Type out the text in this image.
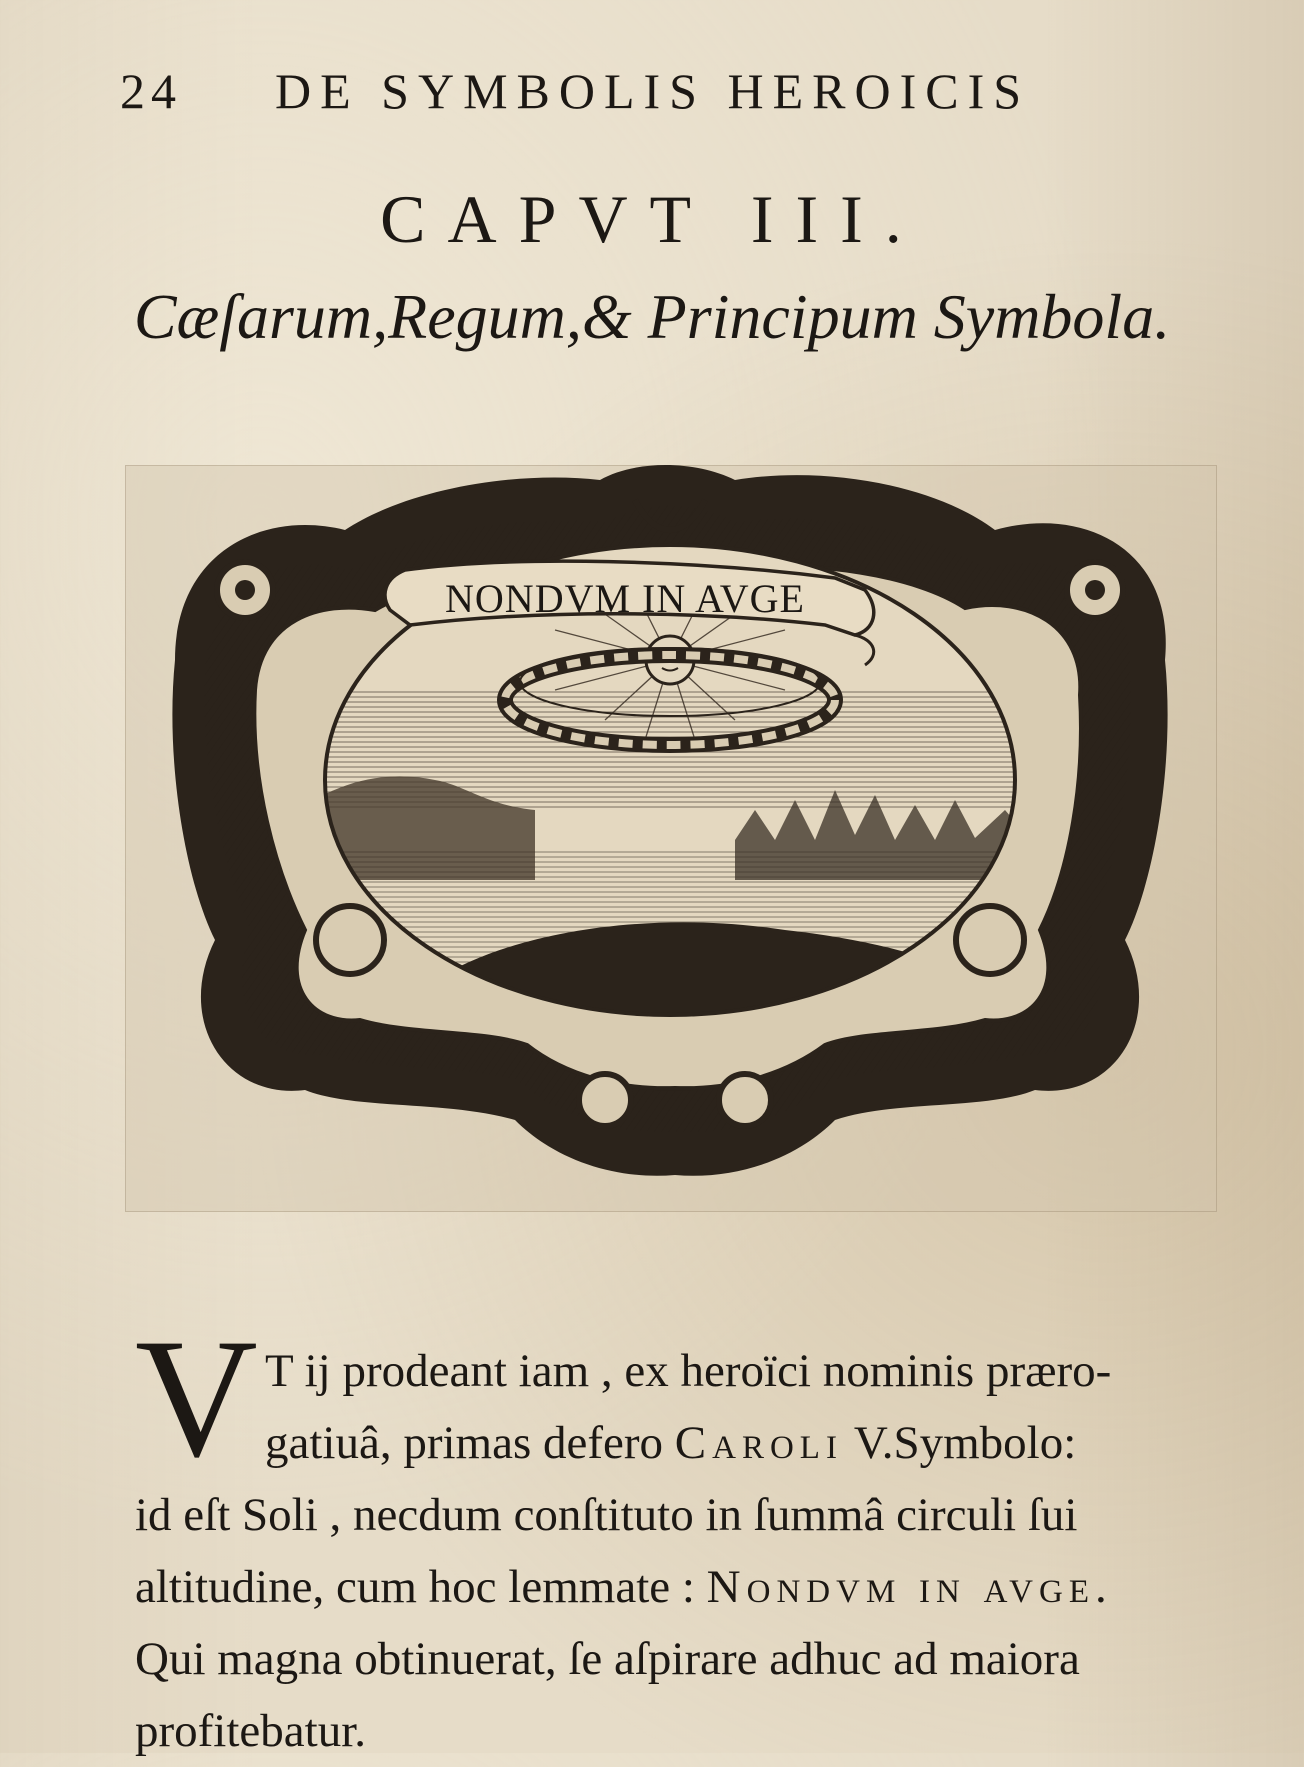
24 DE SYMBOLIS HEROICIS
CAPVT III.
Cæſarum,Regum,& Principum Symbola.
NONDVM IN AVGE
V T ij prodeant iam , ex heroïci nominis præro-
gatiuâ, primas defero Caroli V.Symbolo:
id eſt Soli , necdum conſtituto in ſummâ circuli ſui
altitudine, cum hoc lemmate : Nondvm in avge.
Qui magna obtinuerat, ſe aſpirare adhuc ad maiora
profitebatur.
